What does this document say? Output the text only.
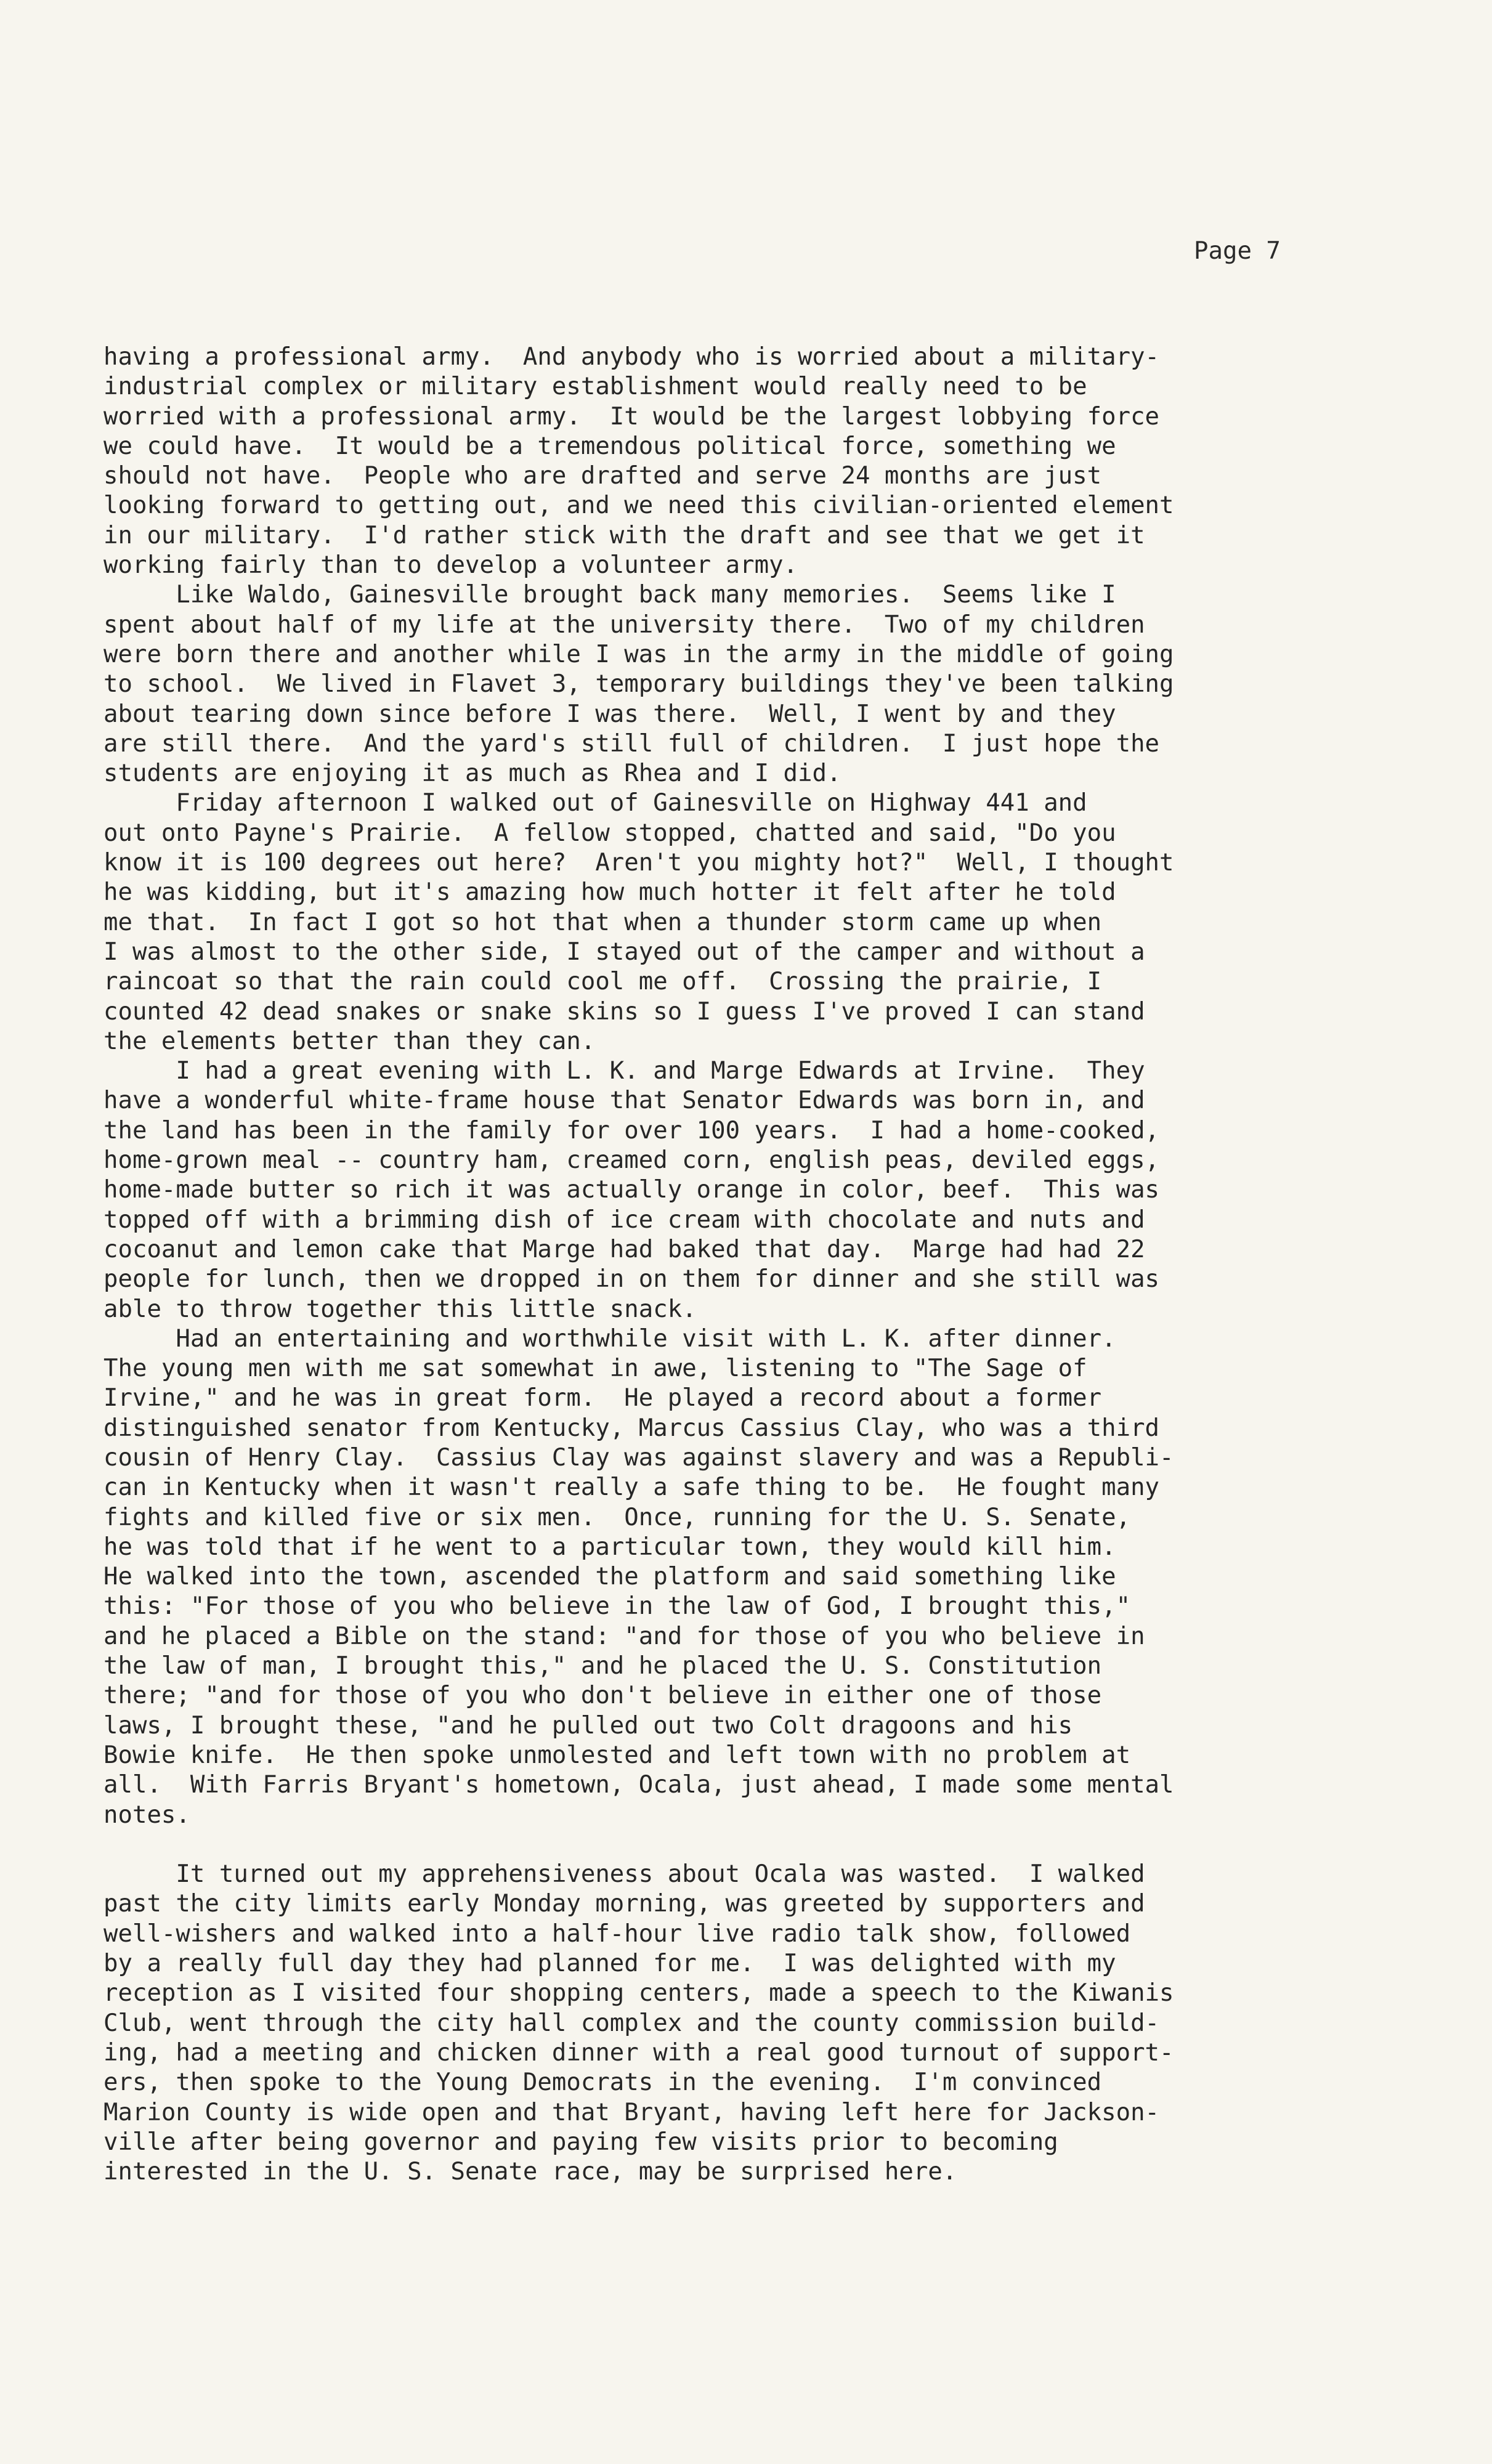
Page 7
having a professional army.  And anybody who is worried about a military-
industrial complex or military establishment would really need to be
worried with a professional army.  It would be the largest lobbying force
we could have.  It would be a tremendous political force, something we
should not have.  People who are drafted and serve 24 months are just
looking forward to getting out, and we need this civilian-oriented element
in our military.  I'd rather stick with the draft and see that we get it
working fairly than to develop a volunteer army.
Like Waldo, Gainesville brought back many memories.  Seems like I
spent about half of my life at the university there.  Two of my children
were born there and another while I was in the army in the middle of going
to school.  We lived in Flavet 3, temporary buildings they've been talking
about tearing down since before I was there.  Well, I went by and they
are still there.  And the yard's still full of children.  I just hope the
students are enjoying it as much as Rhea and I did.
Friday afternoon I walked out of Gainesville on Highway 441 and
out onto Payne's Prairie.  A fellow stopped, chatted and said, "Do you
know it is 100 degrees out here?  Aren't you mighty hot?"  Well, I thought
he was kidding, but it's amazing how much hotter it felt after he told
me that.  In fact I got so hot that when a thunder storm came up when
I was almost to the other side, I stayed out of the camper and without a
raincoat so that the rain could cool me off.  Crossing the prairie, I
counted 42 dead snakes or snake skins so I guess I've proved I can stand
the elements better than they can.
I had a great evening with L. K. and Marge Edwards at Irvine.  They
have a wonderful white-frame house that Senator Edwards was born in, and
the land has been in the family for over 100 years.  I had a home-cooked,
home-grown meal -- country ham, creamed corn, english peas, deviled eggs,
home-made butter so rich it was actually orange in color, beef.  This was
topped off with a brimming dish of ice cream with chocolate and nuts and
cocoanut and lemon cake that Marge had baked that day.  Marge had had 22
people for lunch, then we dropped in on them for dinner and she still was
able to throw together this little snack.
Had an entertaining and worthwhile visit with L. K. after dinner.
The young men with me sat somewhat in awe, listening to "The Sage of
Irvine," and he was in great form.  He played a record about a former
distinguished senator from Kentucky, Marcus Cassius Clay, who was a third
cousin of Henry Clay.  Cassius Clay was against slavery and was a Republi-
can in Kentucky when it wasn't really a safe thing to be.  He fought many
fights and killed five or six men.  Once, running for the U. S. Senate,
he was told that if he went to a particular town, they would kill him.
He walked into the town, ascended the platform and said something like
this: "For those of you who believe in the law of God, I brought this,"
and he placed a Bible on the stand: "and for those of you who believe in
the law of man, I brought this," and he placed the U. S. Constitution
there; "and for those of you who don't believe in either one of those
laws, I brought these, "and he pulled out two Colt dragoons and his
Bowie knife.  He then spoke unmolested and left town with no problem at
all.  With Farris Bryant's hometown, Ocala, just ahead, I made some mental
notes.
It turned out my apprehensiveness about Ocala was wasted.  I walked
past the city limits early Monday morning, was greeted by supporters and
well-wishers and walked into a half-hour live radio talk show, followed
by a really full day they had planned for me.  I was delighted with my
reception as I visited four shopping centers, made a speech to the Kiwanis
Club, went through the city hall complex and the county commission build-
ing, had a meeting and chicken dinner with a real good turnout of support-
ers, then spoke to the Young Democrats in the evening.  I'm convinced
Marion County is wide open and that Bryant, having left here for Jackson-
ville after being governor and paying few visits prior to becoming
interested in the U. S. Senate race, may be surprised here.
